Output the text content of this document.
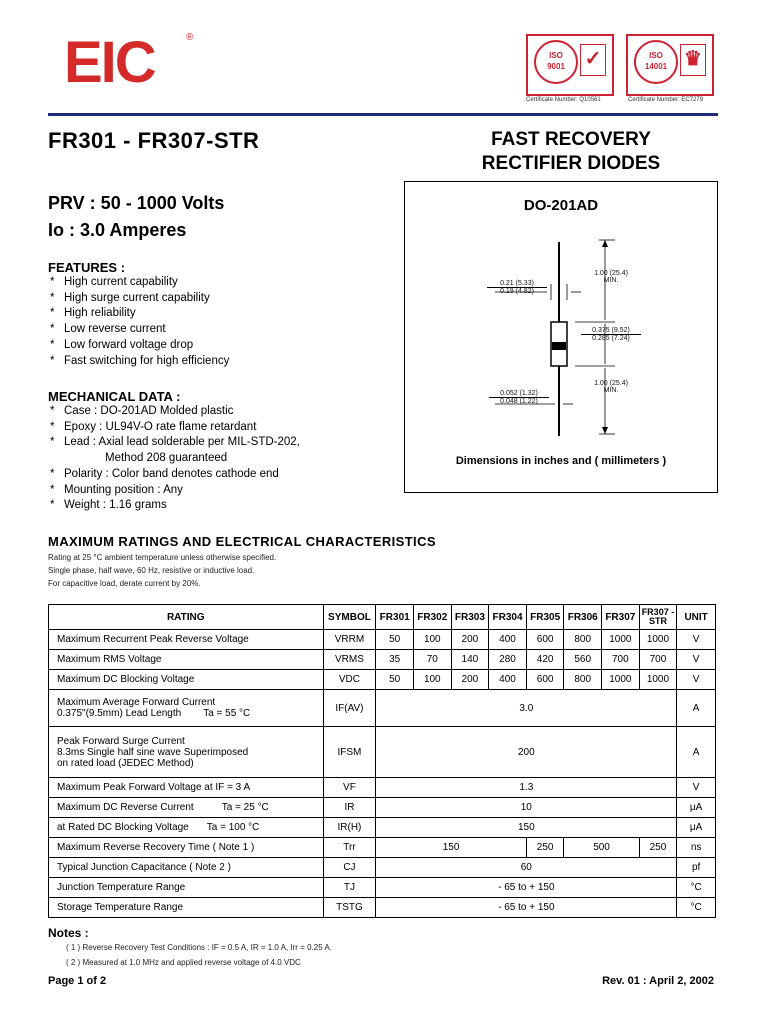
EIC	®
ISO
9001 ✓
Certificate Number: Q10561
ISO
14001 ♛
Certificate Number: EC7279
FR301 - FR307-STR	FAST RECOVERY
RECTIFIER DIODES
PRV : 50 - 1000 Volts
Io : 3.0 Amperes
FEATURES :
* High current capability
* High surge current capability
* High reliability
* Low reverse current
* Low forward voltage drop
* Fast switching for high efficiency
MECHANICAL DATA :
* Case : DO-201AD Molded plastic
* Epoxy : UL94V-O rate flame retardant
* Lead : Axial lead solderable per MIL-STD-202,
Method 208 guaranteed
* Polarity : Color band denotes cathode end
* Mounting position : Any
* Weight : 1.16 grams
DO-201AD
0.21 (5.33)
0.19 (4.82)
1.00 (25.4)
MIN.
0.375 (9.52)
0.285 (7.24)
0.052 (1.32)
0.048 (1.22)
1.00 (25.4)
MIN.
Dimensions in inches and ( millimeters )
MAXIMUM RATINGS AND ELECTRICAL CHARACTERISTICS
Rating at 25 °C ambient temperature unless otherwise specified.
Single phase, half wave, 60 Hz, resistive or inductive load.
For capacitive load, derate current by 20%.
RATING	SYMBOL	FR301	FR302	FR303	FR304	FR305	FR306	FR307	FR307 -STR	UNIT
Maximum Recurrent Peak Reverse Voltage	VRRM	50	100	200	400	600	800	1000	1000	V
Maximum RMS Voltage	VRMS	35	70	140	280	420	560	700	700	V
Maximum DC Blocking Voltage	VDC	50	100	200	400	600	800	1000	1000	V

Maximum Average Forward Current
0.375"(9.5mm) Lead Length Ta = 55 °C	IF(AV)	3.0								A

Peak Forward Surge Current
8.3ms Single half sine wave Superimposed
on rated load (JEDEC Method)	IFSM	200								A
Maximum Peak Forward Voltage at IF = 3 A	VF	1.3								V
Maximum DC Reverse Current Ta = 25 °C	IR	10								μA
at Rated DC Blocking Voltage Ta = 100 °C	IR(H)	150								μA
Maximum Reverse Recovery Time ( Note 1 )	Trr	150				250	500		250	ns
Typical Junction Capacitance ( Note 2 )	CJ	60								pf
Junction Temperature Range	TJ	- 65 to + 150								°C
Storage Temperature Range	TSTG	- 65 to + 150								°C
Notes :
( 1 ) Reverse Recovery Test Conditions : IF = 0.5 A, IR = 1.0 A, Irr = 0.25 A.
( 2 ) Measured at 1.0 MHz and applied reverse voltage of 4.0 VDC
Page 1 of 2	Rev. 01 : April 2, 2002
